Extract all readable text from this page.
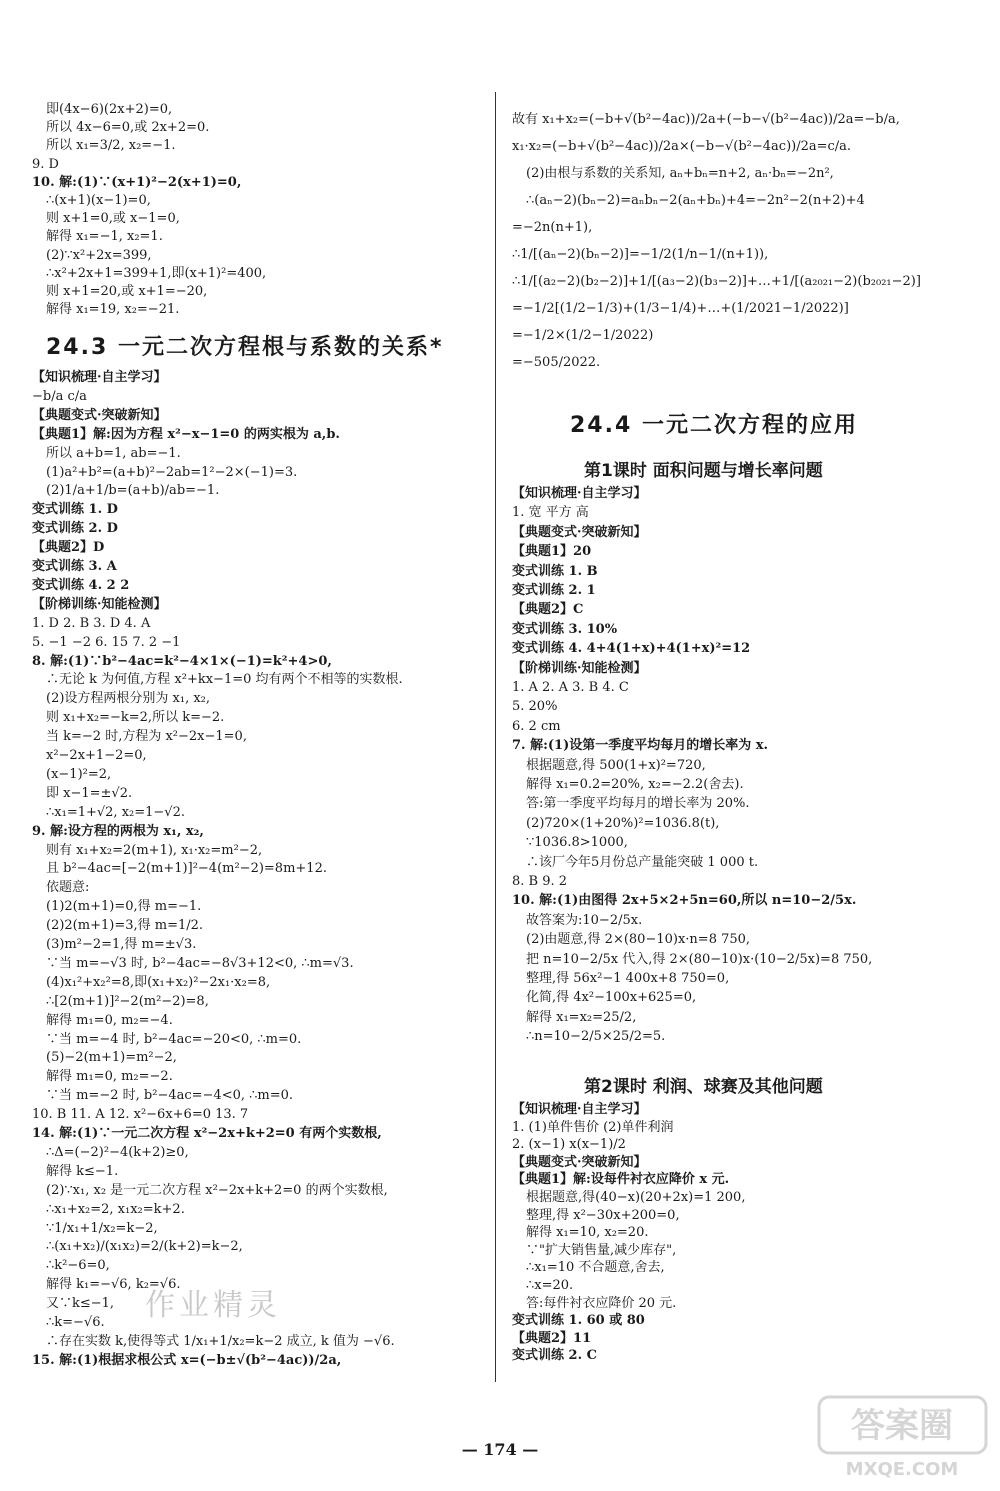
即(4x−6)(2x+2)=0,
所以 4x−6=0,或 2x+2=0.
所以 x₁=3/2, x₂=−1.
9. D
10. 解:(1)∵(x+1)²−2(x+1)=0,
∴(x+1)(x−1)=0,
则 x+1=0,或 x−1=0,
解得 x₁=−1, x₂=1.
(2)∵x²+2x=399,
∴x²+2x+1=399+1,即(x+1)²=400,
则 x+1=20,或 x+1=−20,
解得 x₁=19, x₂=−21.
24.3 一元二次方程根与系数的关系*
【知识梳理·自主学习】
−b/a c/a
【典题变式·突破新知】
【典题1】解:因为方程 x²−x−1=0 的两实根为 a,b.
所以 a+b=1, ab=−1.
(1)a²+b²=(a+b)²−2ab=1²−2×(−1)=3.
(2)1/a+1/b=(a+b)/ab=−1.
变式训练 1. D
变式训练 2. D
【典题2】D
变式训练 3. A
变式训练 4. 2 2
【阶梯训练·知能检测】
1. D 2. B 3. D 4. A
5. −1 −2 6. 15 7. 2 −1
8. 解:(1)∵b²−4ac=k²−4×1×(−1)=k²+4>0,
∴无论 k 为何值,方程 x²+kx−1=0 均有两个不相等的实数根.
(2)设方程两根分别为 x₁, x₂,
则 x₁+x₂=−k=2,所以 k=−2.
当 k=−2 时,方程为 x²−2x−1=0,
x²−2x+1−2=0,
(x−1)²=2,
即 x−1=±√2.
∴x₁=1+√2, x₂=1−√2.
9. 解:设方程的两根为 x₁, x₂,
则有 x₁+x₂=2(m+1), x₁·x₂=m²−2,
且 b²−4ac=[−2(m+1)]²−4(m²−2)=8m+12.
依题意:
(1)2(m+1)=0,得 m=−1.
(2)2(m+1)=3,得 m=1/2.
(3)m²−2=1,得 m=±√3.
∵当 m=−√3 时, b²−4ac=−8√3+12<0, ∴m=√3.
(4)x₁²+x₂²=8,即(x₁+x₂)²−2x₁·x₂=8,
∴[2(m+1)]²−2(m²−2)=8,
解得 m₁=0, m₂=−4.
∵当 m=−4 时, b²−4ac=−20<0, ∴m=0.
(5)−2(m+1)=m²−2,
解得 m₁=0, m₂=−2.
∵当 m=−2 时, b²−4ac=−4<0, ∴m=0.
10. B 11. A 12. x²−6x+6=0 13. 7
14. 解:(1)∵一元二次方程 x²−2x+k+2=0 有两个实数根,
∴Δ=(−2)²−4(k+2)≥0,
解得 k≤−1.
(2)∵x₁, x₂ 是一元二次方程 x²−2x+k+2=0 的两个实数根,
∴x₁+x₂=2, x₁x₂=k+2.
∵1/x₁+1/x₂=k−2,
∴(x₁+x₂)/(x₁x₂)=2/(k+2)=k−2,
∴k²−6=0,
解得 k₁=−√6, k₂=√6.
又∵k≤−1,
∴k=−√6.
∴存在实数 k,使得等式 1/x₁+1/x₂=k−2 成立, k 值为 −√6.
15. 解:(1)根据求根公式 x=(−b±√(b²−4ac))/2a,
故有 x₁+x₂=(−b+√(b²−4ac))/2a+(−b−√(b²−4ac))/2a=−b/a,
x₁·x₂=(−b+√(b²−4ac))/2a×(−b−√(b²−4ac))/2a=c/a.
(2)由根与系数的关系知, aₙ+bₙ=n+2, aₙ·bₙ=−2n²,
∴(aₙ−2)(bₙ−2)=aₙbₙ−2(aₙ+bₙ)+4=−2n²−2(n+2)+4
=−2n(n+1),
∴1/[(aₙ−2)(bₙ−2)]=−1/2(1/n−1/(n+1)),
∴1/[(a₂−2)(b₂−2)]+1/[(a₃−2)(b₃−2)]+…+1/[(a₂₀₂₁−2)(b₂₀₂₁−2)]
=−1/2[(1/2−1/3)+(1/3−1/4)+…+(1/2021−1/2022)]
=−1/2×(1/2−1/2022)
=−505/2022.
24.4 一元二次方程的应用
第1课时 面积问题与增长率问题
【知识梳理·自主学习】
1. 宽 平方 高
【典题变式·突破新知】
【典题1】20
变式训练 1. B
变式训练 2. 1
【典题2】C
变式训练 3. 10%
变式训练 4. 4+4(1+x)+4(1+x)²=12
【阶梯训练·知能检测】
1. A 2. A 3. B 4. C
5. 20%
6. 2 cm
7. 解:(1)设第一季度平均每月的增长率为 x.
根据题意,得 500(1+x)²=720,
解得 x₁=0.2=20%, x₂=−2.2(舍去).
答:第一季度平均每月的增长率为 20%.
(2)720×(1+20%)²=1036.8(t),
∵1036.8>1000,
∴该厂今年5月份总产量能突破 1 000 t.
8. B 9. 2
10. 解:(1)由图得 2x+5×2+5n=60,所以 n=10−2/5x.
故答案为:10−2/5x.
(2)由题意,得 2×(80−10)x·n=8 750,
把 n=10−2/5x 代入,得 2×(80−10)x·(10−2/5x)=8 750,
整理,得 56x²−1 400x+8 750=0,
化简,得 4x²−100x+625=0,
解得 x₁=x₂=25/2,
∴n=10−2/5×25/2=5.
第2课时 利润、球赛及其他问题
【知识梳理·自主学习】
1. (1)单件售价 (2)单件利润
2. (x−1) x(x−1)/2
【典题变式·突破新知】
【典题1】解:设每件衬衣应降价 x 元.
根据题意,得(40−x)(20+2x)=1 200,
整理,得 x²−30x+200=0,
解得 x₁=10, x₂=20.
∵"扩大销售量,减少库存",
∴x₁=10 不合题意,舍去,
∴x=20.
答:每件衬衣应降价 20 元.
变式训练 1. 60 或 80
【典题2】11
变式训练 2. C
作业精灵
— 174 —
答案圈
MXQE.COM
